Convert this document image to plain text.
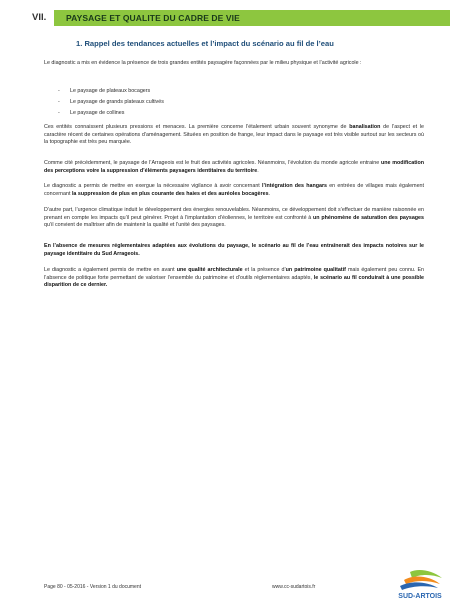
VII. PAYSAGE ET QUALITE DU CADRE DE VIE
1. Rappel des tendances actuelles et l’impact du scénario au fil de l’eau

Le diagnostic a mis en évidence la présence de trois grandes entités paysagère façonnées par le milieu physique et l’activité agricole :

- Le paysage de plateaux bocagers
- Le paysage de grands plateaux cultivés
- Le paysage de collines

Ces entités connaissent plusieurs pressions et menaces. La première concerne l’étalement urbain souvent synonyme de banalisation de l’aspect et le caractère récent de certaines opérations d’aménagement. Situées en position de frange, leur impact dans le paysage est très visible surtout sur les secteurs où la topographie est très peu marquée.

Comme cité précédemment, le paysage de l’Arrageois est le fruit des activités agricoles. Néanmoins, l’évolution du monde agricole entraine une modification des perceptions voire la suppression d’éléments paysagers identitaires du territoire.

Le diagnostic a permis de mettre en exergue la nécessaire vigilance à avoir concernant l’intégration des hangars en entrées de villages mais également concernant la suppression de plus en plus courante des haies et des auréoles bocagères.

D’autre part, l’urgence climatique induit le développement des énergies renouvelables. Néanmoins, ce développement doit s’effectuer de manière raisonnée en prenant en compte les impacts qu’il peut générer. Projet à l’implantation d’éoliennes, le territoire est confronté à un phénomène de saturation des paysages qu’il convient de maîtriser afin de maintenir la qualité et l’unité des paysages.

En l’absence de mesures réglementaires adaptées aux évolutions du paysage, le scénario au fil de l’eau entraînerait des impacts notoires sur le paysage identitaire du Sud Arrageois.

Le diagnostic a également permis de mettre en avant une qualité architecturale et la présence d’un patrimoine qualitatif mais également peu connu. En l’absence de politique forte permettant de valoriser l’ensemble du patrimoine et d’outils réglementaires adaptés, le scénario au fil conduirait à une possible disparition de ce dernier.

Page 80 - 05-2016 - Version 1 du document	www.cc-sudartois.fr
SUD-ARTOIS
